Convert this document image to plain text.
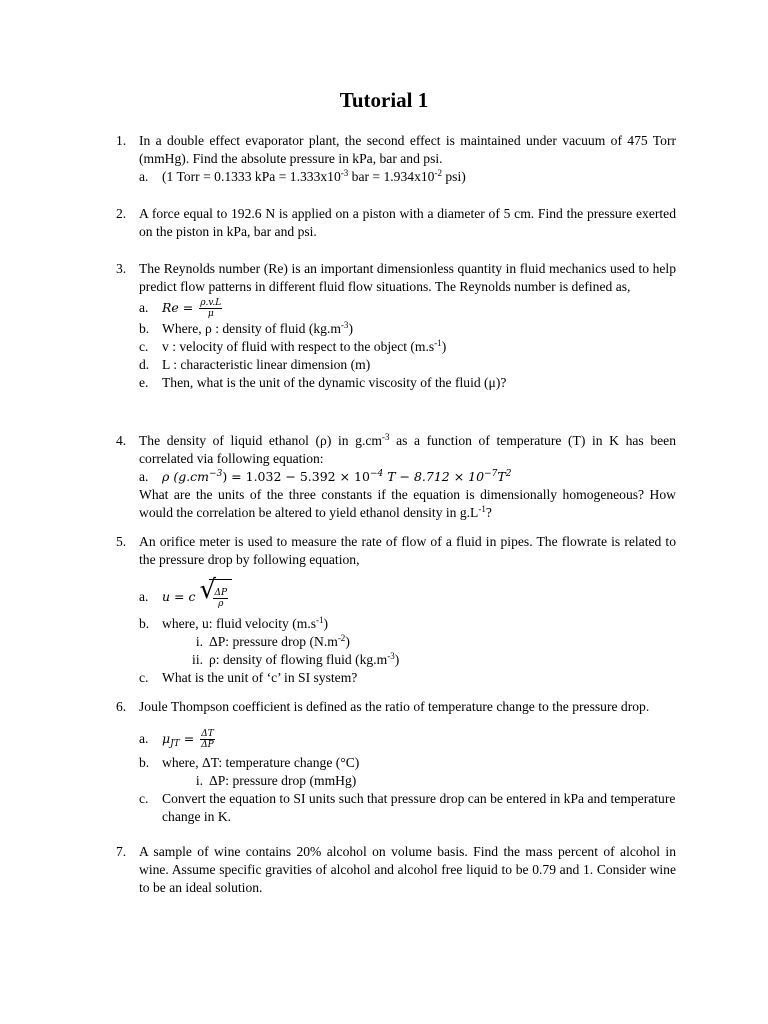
Tutorial 1
1. In a double effect evaporator plant, the second effect is maintained under vacuum of 475 Torr (mmHg). Find the absolute pressure in kPa, bar and psi.
a. (1 Torr = 0.1333 kPa = $1.333x10^{-3}$ bar = $1.934x10^{-2}$ psi)
2. A force equal to 192.6 N is applied on a piston with a diameter of 5 cm. Find the pressure exerted on the piston in kPa, bar and psi.
3. The Reynolds number (Re) is an important dimensionless quantity in fluid mechanics used to help predict flow patterns in different fluid flow situations. The Reynolds number is defined as,
a. $Re = \frac{\rho.v.L}{\mu}$
b. Where, ρ : density of fluid $(kg.m^{-3})$
c. v : velocity of fluid with respect to the object $(m.s^{-1})$
d. L : characteristic linear dimension (m)
e. Then, what is the unit of the dynamic viscosity of the fluid (μ)?
4. The density of liquid ethanol (ρ) in $g.cm^{-3}$ as a function of temperature (T) in K has been correlated via following equation:
a. ρ $(g.cm^{-3}) = 1.032 - 5.392 \times 10^{-4}$ $T - 8.712 \times 10^{-7}T^2$
What are the units of the three constants if the equation is dimensionally homogeneous? How would the correlation be altered to yield ethanol density in $g.L^{-1}$?
5. An orifice meter is used to measure the rate of flow of a fluid in pipes. The flowrate is related to the pressure drop by following equation,
a. u = c √
$\frac{\Delta P}{\rho}$
b. where, u: fluid velocity $(m.s^{-1})$
i. ΔP: pressure drop $(N.m^{-2})$
ii. ρ: density of flowing fluid $(kg.m^{-3})$
c. What is the unit of ‘c’ in SI system?
6. Joule Thompson coefficient is defined as the ratio of temperature change to the pressure drop.
a. $\mu_{JT} = \frac{\Delta T}{\Delta P}$
b. where, ΔT: temperature change (°C)
i. ΔP: pressure drop (mmHg)
c. Convert the equation to SI units such that pressure drop can be entered in kPa and temperature change in K.
7. A sample of wine contains 20% alcohol on volume basis. Find the mass percent of alcohol in wine. Assume specific gravities of alcohol and alcohol free liquid to be 0.79 and 1. Consider wine to be an ideal solution.
